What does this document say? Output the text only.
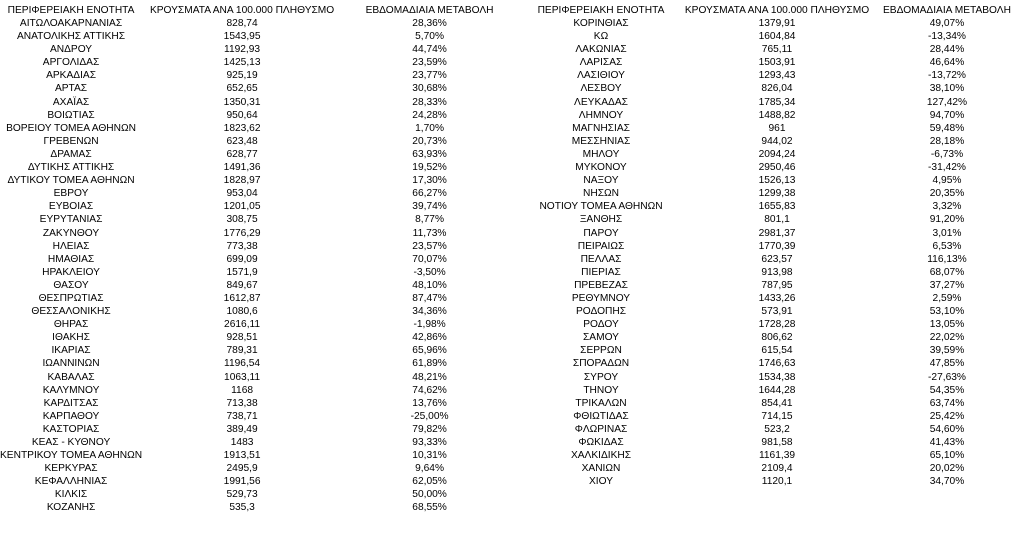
ΠΕΡΙΦΕΡΕΙΑΚΗ ΕΝΟΤΗΤΑ	ΚΡΟΥΣΜΑΤΑ ΑΝΑ 100.000 ΠΛΗΘΥΣΜΟ	ΕΒΔΟΜΑΔΙΑΙΑ ΜΕΤΑΒΟΛΗ
ΑΙΤΩΛΟΑΚΑΡΝΑΝΙΑΣ	828,74	28,36%
ΑΝΑΤΟΛΙΚΗΣ ΑΤΤΙΚΗΣ	1543,95	5,70%
ΑΝΔΡΟΥ	1192,93	44,74%
ΑΡΓΟΛΙΔΑΣ	1425,13	23,59%
ΑΡΚΑΔΙΑΣ	925,19	23,77%
ΑΡΤΑΣ	652,65	30,68%
ΑΧΑΪΑΣ	1350,31	28,33%
ΒΟΙΩΤΙΑΣ	950,64	24,28%
ΒΟΡΕΙΟΥ ΤΟΜΕΑ ΑΘΗΝΩΝ	1823,62	1,70%
ΓΡΕΒΕΝΩΝ	623,48	20,73%
ΔΡΑΜΑΣ	628,77	63,93%
ΔΥΤΙΚΗΣ ΑΤΤΙΚΗΣ	1491,36	19,52%
ΔΥΤΙΚΟΥ ΤΟΜΕΑ ΑΘΗΝΩΝ	1828,97	17,30%
ΕΒΡΟΥ	953,04	66,27%
ΕΥΒΟΙΑΣ	1201,05	39,74%
ΕΥΡΥΤΑΝΙΑΣ	308,75	8,77%
ΖΑΚΥΝΘΟΥ	1776,29	11,73%
ΗΛΕΙΑΣ	773,38	23,57%
ΗΜΑΘΙΑΣ	699,09	70,07%
ΗΡΑΚΛΕΙΟΥ	1571,9	-3,50%
ΘΑΣΟΥ	849,67	48,10%
ΘΕΣΠΡΩΤΙΑΣ	1612,87	87,47%
ΘΕΣΣΑΛΟΝΙΚΗΣ	1080,6	34,36%
ΘΗΡΑΣ	2616,11	-1,98%
ΙΘΑΚΗΣ	928,51	42,86%
ΙΚΑΡΙΑΣ	789,31	65,96%
ΙΩΑΝΝΙΝΩΝ	1196,54	61,89%
ΚΑΒΑΛΑΣ	1063,11	48,21%
ΚΑΛΥΜΝΟΥ	1168	74,62%
ΚΑΡΔΙΤΣΑΣ	713,38	13,76%
ΚΑΡΠΑΘΟΥ	738,71	-25,00%
ΚΑΣΤΟΡΙΑΣ	389,49	79,82%
ΚΕΑΣ - ΚΥΘΝΟΥ	1483	93,33%
ΚΕΝΤΡΙΚΟΥ ΤΟΜΕΑ ΑΘΗΝΩΝ	1913,51	10,31%
ΚΕΡΚΥΡΑΣ	2495,9	9,64%
ΚΕΦΑΛΛΗΝΙΑΣ	1991,56	62,05%
ΚΙΛΚΙΣ	529,73	50,00%
ΚΟΖΑΝΗΣ	535,3	68,55%
ΠΕΡΙΦΕΡΕΙΑΚΗ ΕΝΟΤΗΤΑ	ΚΡΟΥΣΜΑΤΑ ΑΝΑ 100.000 ΠΛΗΘΥΣΜΟ	ΕΒΔΟΜΑΔΙΑΙΑ ΜΕΤΑΒΟΛΗ
ΚΟΡΙΝΘΙΑΣ	1379,91	49,07%
ΚΩ	1604,84	-13,34%
ΛΑΚΩΝΙΑΣ	765,11	28,44%
ΛΑΡΙΣΑΣ	1503,91	46,64%
ΛΑΣΙΘΙΟΥ	1293,43	-13,72%
ΛΕΣΒΟΥ	826,04	38,10%
ΛΕΥΚΑΔΑΣ	1785,34	127,42%
ΛΗΜΝΟΥ	1488,82	94,70%
ΜΑΓΝΗΣΙΑΣ	961	59,48%
ΜΕΣΣΗΝΙΑΣ	944,02	28,18%
ΜΗΛΟΥ	2094,24	-6,73%
ΜΥΚΟΝΟΥ	2950,46	-31,42%
ΝΑΞΟΥ	1526,13	4,95%
ΝΗΣΩΝ	1299,38	20,35%
ΝΟΤΙΟΥ ΤΟΜΕΑ ΑΘΗΝΩΝ	1655,83	3,32%
ΞΑΝΘΗΣ	801,1	91,20%
ΠΑΡΟΥ	2981,37	3,01%
ΠΕΙΡΑΙΩΣ	1770,39	6,53%
ΠΕΛΛΑΣ	623,57	116,13%
ΠΙΕΡΙΑΣ	913,98	68,07%
ΠΡΕΒΕΖΑΣ	787,95	37,27%
ΡΕΘΥΜΝΟΥ	1433,26	2,59%
ΡΟΔΟΠΗΣ	573,91	53,10%
ΡΟΔΟΥ	1728,28	13,05%
ΣΑΜΟΥ	806,62	22,02%
ΣΕΡΡΩΝ	615,54	39,59%
ΣΠΟΡΑΔΩΝ	1746,63	47,85%
ΣΥΡΟΥ	1534,38	-27,63%
ΤΗΝΟΥ	1644,28	54,35%
ΤΡΙΚΑΛΩΝ	854,41	63,74%
ΦΘΙΩΤΙΔΑΣ	714,15	25,42%
ΦΛΩΡΙΝΑΣ	523,2	54,60%
ΦΩΚΙΔΑΣ	981,58	41,43%
ΧΑΛΚΙΔΙΚΗΣ	1161,39	65,10%
ΧΑΝΙΩΝ	2109,4	20,02%
ΧΙΟΥ	1120,1	34,70%
